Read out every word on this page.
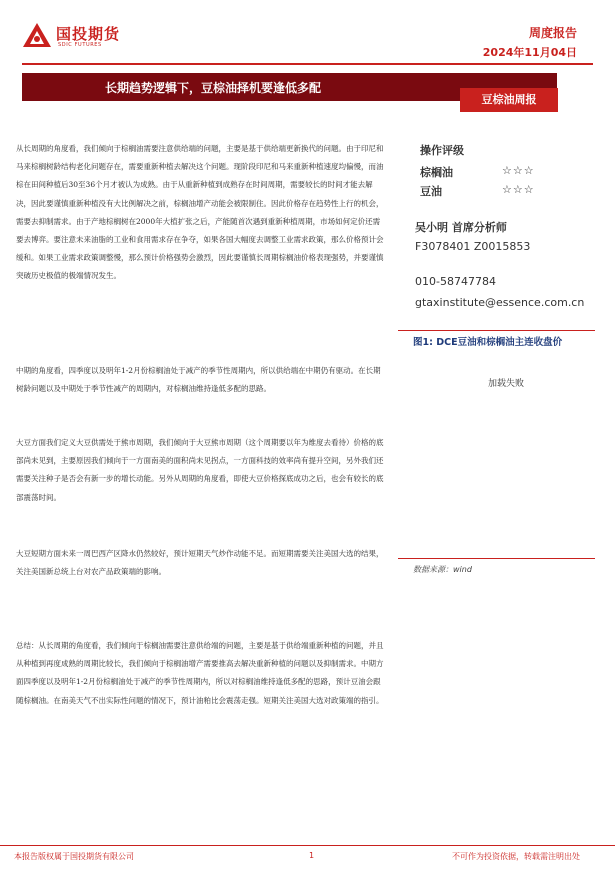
国投期货
SDIC FUTURES
周度报告
2024年11月04日
长期趋势逻辑下，豆棕油择机要逢低多配
豆棕油周报
从长周期的角度看，我们倾向于棕榈油需要注意供给端的问题，主要是基于供给端更新换代的问题。由于印尼和马来棕榈树龄结构老化问题存在，需要重新种植去解决这个问题。现阶段印尼和马来重新种植速度均偏慢，而油棕在田间种植后30至36个月才被认为成熟。由于从重新种植到成熟存在时间周期，需要较长的时间才能去解决，因此要谨慎重新种植没有大比例解决之前，棕榈油增产动能会被限制住。因此价格存在趋势性上行的机会，需要去抑制需求。由于产地棕榈树在2000年大植扩张之后，产能随首次遇到重新种植周期，市场如何定价还需要去博弈。要注意未来油脂的工业和食用需求存在争夺，如果各国大幅度去调整工业需求政策，那么价格预计会缓和。如果工业需求政策调整慢，那么预计价格强势会激烈，因此要谨慎长周期棕榈油价格表现强势，并要谨慎突破历史极值的极端情况发生。
中期的角度看，四季度以及明年1-2月份棕榈油处于减产的季节性周期内，所以供给端在中期仍有驱动。在长期树龄问题以及中期处于季节性减产的周期内，对棕榈油维持逢低多配的思路。
大豆方面我们定义大豆供需处于熊市周期，我们倾向于大豆熊市周期（这个周期要以年为维度去看待）价格的底部尚未见到，主要原因我们倾向于一方面南美的面积尚未见拐点，一方面科技的效率尚有提升空间，另外我们还需要关注种子是否会有新一步的增长动能。另外从周期的角度看，即使大豆价格探底成功之后，也会有较长的底部震荡时间。
大豆短期方面未来一周巴西产区降水仍然较好，预计短期天气炒作动能不足。而短期需要关注美国大选的结果，关注美国新总统上台对农产品政策端的影响。
总结：从长周期的角度看，我们倾向于棕榈油需要注意供给端的问题，主要是基于供给端重新种植的问题，并且从种植到再度成熟的周期比较长，我们倾向于棕榈油增产需要推高去解决重新种植的问题以及抑制需求。中期方面四季度以及明年1-2月份棕榈油处于减产的季节性周期内，所以对棕榈油维持逢低多配的思路，预计豆油会跟随棕榈油。在南美天气不出实际性问题的情况下，预计油粕比会震荡走强。短期关注美国大选对政策端的指引。
操作评级
棕榈油	☆☆☆
豆油	☆☆☆
吴小明 首席分析师
F3078401 Z0015853
010-58747784
gtaxinstitute@essence.com.cn
图1: DCE豆油和棕榈油主连收盘价
加载失败
数据来源：wind
本报告版权属于国投期货有限公司	1	不可作为投资依据，转载需注明出处
